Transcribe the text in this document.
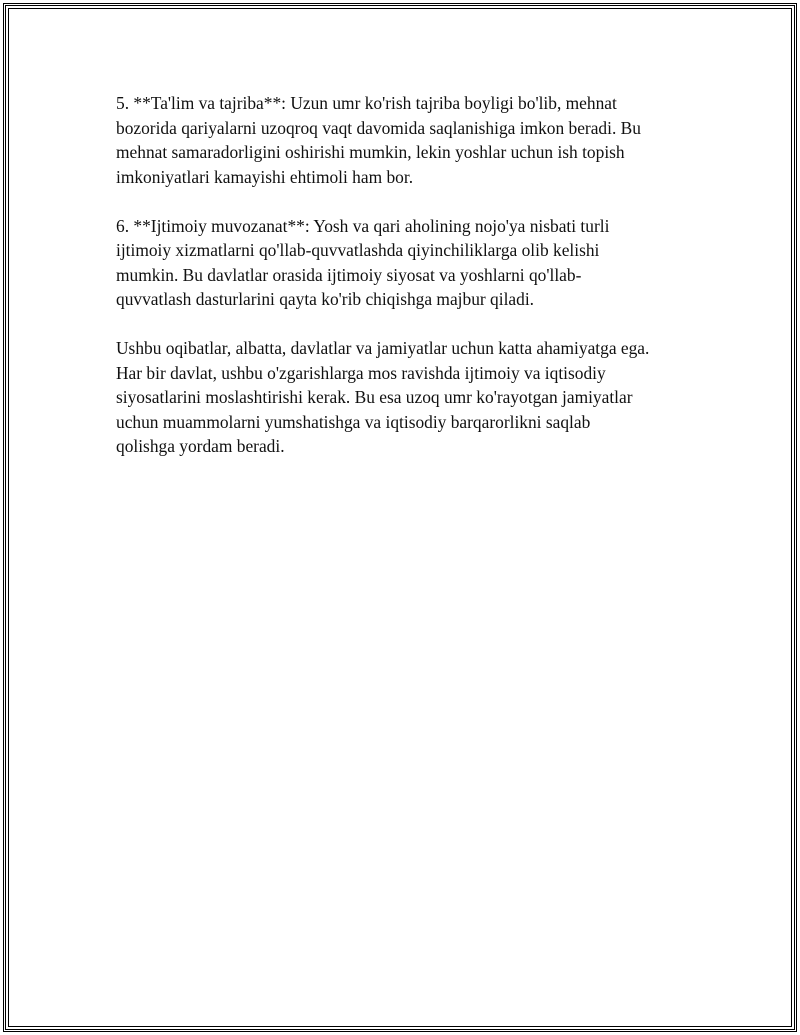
5. **Ta'lim va tajriba**: Uzun umr ko'rish tajriba boyligi bo'lib, mehnat
bozorida qariyalarni uzoqroq vaqt davomida saqlanishiga imkon beradi. Bu
mehnat samaradorligini oshirishi mumkin, lekin yoshlar uchun ish topish
imkoniyatlari kamayishi ehtimoli ham bor.

6. **Ijtimoiy muvozanat**: Yosh va qari aholining nojo'ya nisbati turli
ijtimoiy xizmatlarni qo'llab-quvvatlashda qiyinchiliklarga olib kelishi
mumkin. Bu davlatlar orasida ijtimoiy siyosat va yoshlarni qo'llab-
quvvatlash dasturlarini qayta ko'rib chiqishga majbur qiladi.

Ushbu oqibatlar, albatta, davlatlar va jamiyatlar uchun katta ahamiyatga ega.
Har bir davlat, ushbu o'zgarishlarga mos ravishda ijtimoiy va iqtisodiy
siyosatlarini moslashtirishi kerak. Bu esa uzoq umr ko'rayotgan jamiyatlar
uchun muammolarni yumshatishga va iqtisodiy barqarorlikni saqlab
qolishga yordam beradi.
